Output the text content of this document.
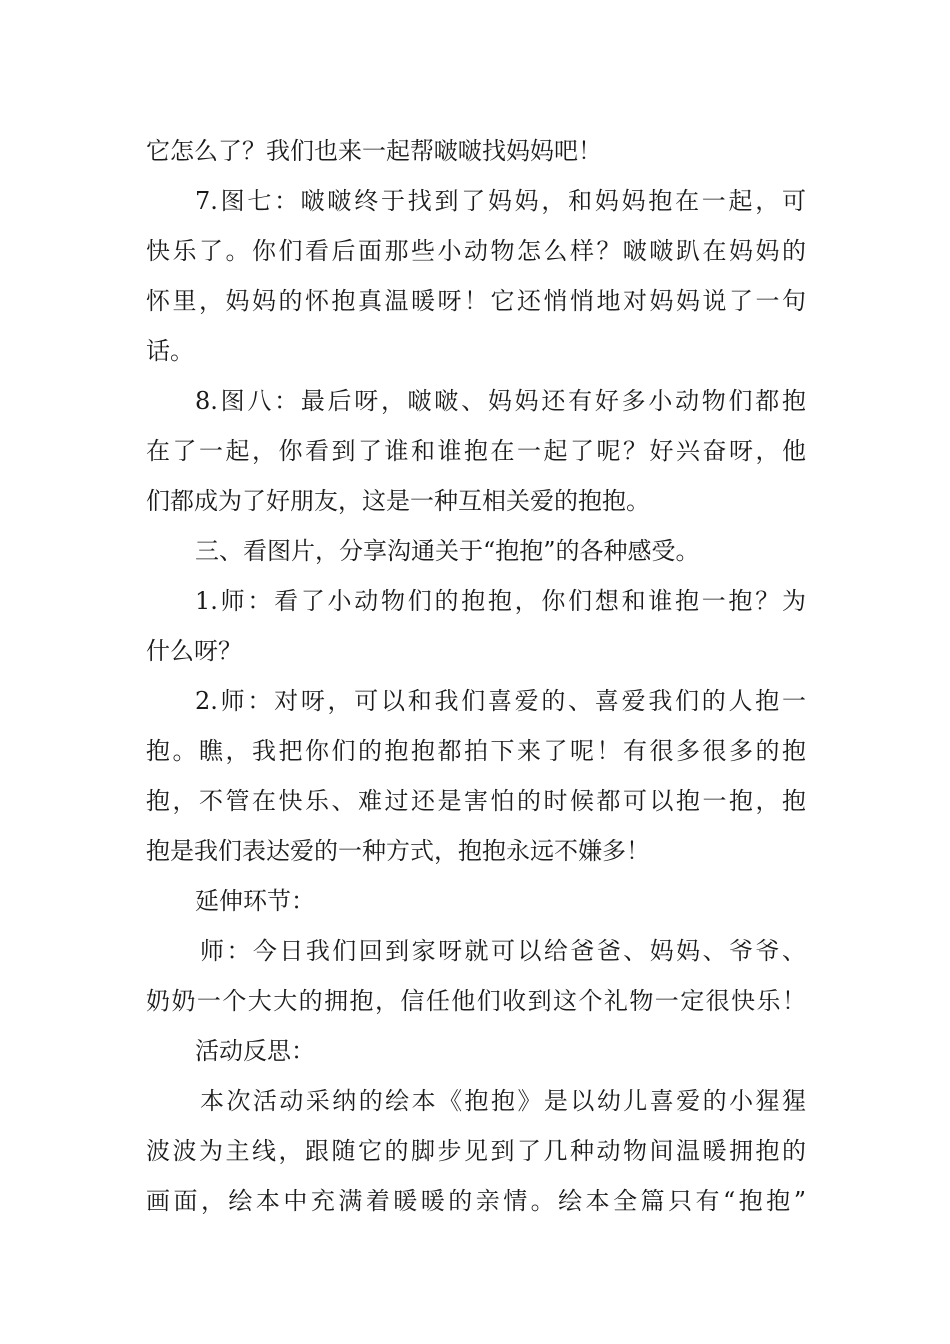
它怎么了？我们也来一起帮啵啵找妈妈吧！
7.图七：啵啵终于找到了妈妈，和妈妈抱在一起，可
快乐了。你们看后面那些小动物怎么样？啵啵趴在妈妈的
怀里，妈妈的怀抱真温暖呀！它还悄悄地对妈妈说了一句
话。
8.图八：最后呀，啵啵、妈妈还有好多小动物们都抱
在了一起，你看到了谁和谁抱在一起了呢？好兴奋呀，他
们都成为了好朋友，这是一种互相关爱的抱抱。
三、看图片，分享沟通关于“抱抱”的各种感受。
1.师：看了小动物们的抱抱，你们想和谁抱一抱？为
什么呀？
2.师：对呀，可以和我们喜爱的、喜爱我们的人抱一
抱。瞧，我把你们的抱抱都拍下来了呢！有很多很多的抱
抱，不管在快乐、难过还是害怕的时候都可以抱一抱，抱
抱是我们表达爱的一种方式，抱抱永远不嫌多！
延伸环节：
师：今日我们回到家呀就可以给爸爸、妈妈、爷爷、
奶奶一个大大的拥抱，信任他们收到这个礼物一定很快乐！
活动反思：
本次活动采纳的绘本《抱抱》是以幼儿喜爱的小猩猩
波波为主线，跟随它的脚步见到了几种动物间温暖拥抱的
画面，绘本中充满着暖暖的亲情。绘本全篇只有“抱抱”
